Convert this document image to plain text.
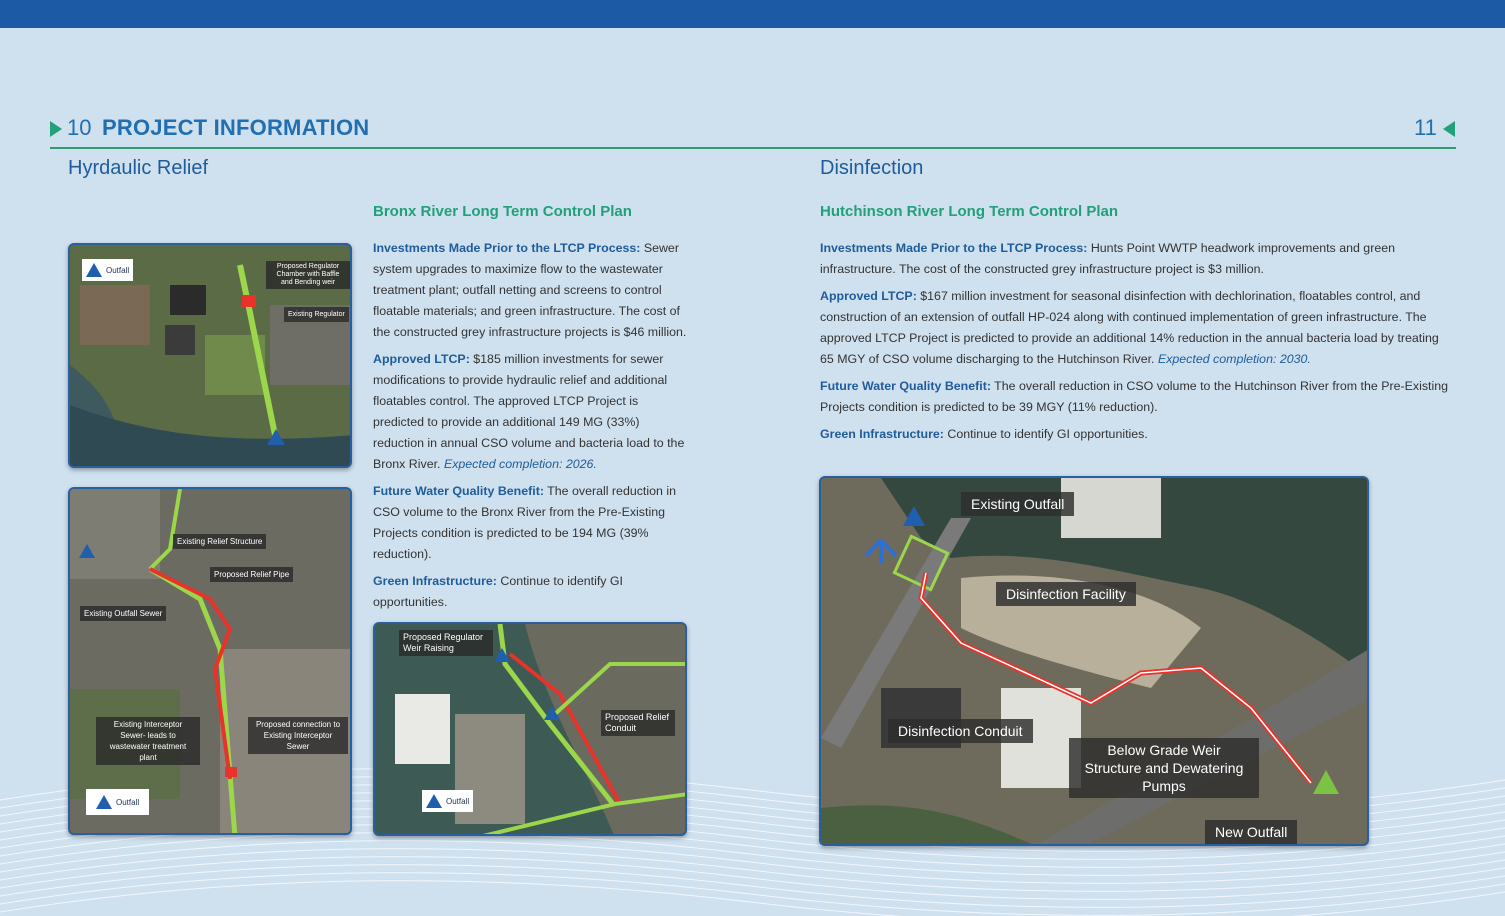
10 PROJECT INFORMATION	11
Hyrdaulic Relief
Bronx River Long Term Control Plan

Investments Made Prior to the LTCP Process: Sewer system upgrades to maximize flow to the wastewater treatment plant; outfall netting and screens to control floatable materials; and green infrastructure. The cost of the constructed grey infrastructure projects is $46 million.

Approved LTCP: $185 million investments for sewer modifications to provide hydraulic relief and additional floatables control. The approved LTCP Project is predicted to provide an additional 149 MG (33%) reduction in annual CSO volume and bacteria load to the Bronx River. Expected completion: 2026.

Future Water Quality Benefit: The overall reduction in CSO volume to the Bronx River from the Pre-Existing Projects condition is predicted to be 194 MG (39% reduction).

Green Infrastructure: Continue to identify GI opportunities.

Outfall	Proposed Regulator Chamber with Baffle and Bending weir
Existing Regulator
Existing Relief Structure
Proposed Relief Pipe
Existing Outfall Sewer
Existing Interceptor Sewer- leads to wastewater treatment plant
Proposed connection to Existing Interceptor Sewer
Outfall
Proposed Regulator Weir Raising
Proposed Relief Conduit
Outfall
Disinfection
Hutchinson River Long Term Control Plan

Investments Made Prior to the LTCP Process: Hunts Point WWTP headwork improvements and green infrastructure. The cost of the constructed grey infrastructure project is $3 million.

Approved LTCP: $167 million investment for seasonal disinfection with dechlorination, floatables control, and construction of an extension of outfall HP-024 along with continued implementation of green infrastructure. The approved LTCP Project is predicted to provide an additional 14% reduction in the annual bacteria load by treating 65 MGY of CSO volume discharging to the Hutchinson River. Expected completion: 2030.

Future Water Quality Benefit: The overall reduction in CSO volume to the Hutchinson River from the Pre-Existing Projects condition is predicted to be 39 MGY (11% reduction).

Green Infrastructure: Continue to identify GI opportunities.

Existing Outfall
Disinfection Facility
Disinfection Conduit
Below Grade Weir Structure and Dewatering Pumps
New Outfall
